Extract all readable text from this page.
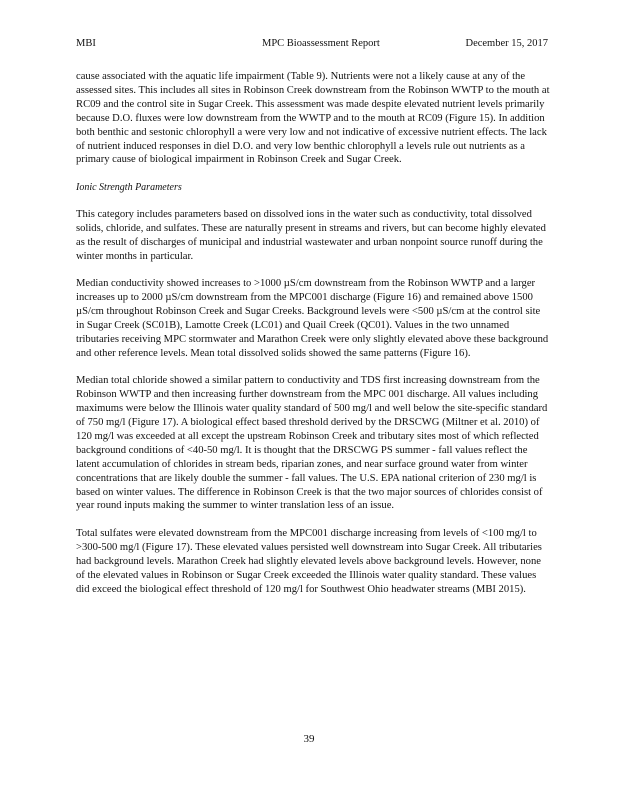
MBI	MPC Bioassessment Report	December 15, 2017

cause associated with the aquatic life impairment (Table 9). Nutrients were not a likely cause at any of the assessed sites. This includes all sites in Robinson Creek downstream from the Robinson WWTP to the mouth at RC09 and the control site in Sugar Creek. This assessment was made despite elevated nutrient levels primarily because D.O. fluxes were low downstream from the WWTP and to the mouth at RC09 (Figure 15). In addition both benthic and sestonic chlorophyll a were very low and not indicative of excessive nutrient effects. The lack of nutrient induced responses in diel D.O. and very low benthic chlorophyll a levels rule out nutrients as a primary cause of biological impairment in Robinson Creek and Sugar Creek.

Ionic Strength Parameters

This category includes parameters based on dissolved ions in the water such as conductivity, total dissolved solids, chloride, and sulfates. These are naturally present in streams and rivers, but can become highly elevated as the result of discharges of municipal and industrial wastewater and urban nonpoint source runoff during the winter months in particular.

Median conductivity showed increases to >1000 µS/cm downstream from the Robinson WWTP and a larger increases up to 2000 µS/cm downstream from the MPC001 discharge (Figure 16) and remained above 1500 µS/cm throughout Robinson Creek and Sugar Creeks. Background levels were <500 µS/cm at the control site in Sugar Creek (SC01B), Lamotte Creek (LC01) and Quail Creek (QC01). Values in the two unnamed tributaries receiving MPC stormwater and Marathon Creek were only slightly elevated above these background and other reference levels. Mean total dissolved solids showed the same patterns (Figure 16).

Median total chloride showed a similar pattern to conductivity and TDS first increasing downstream from the Robinson WWTP and then increasing further downstream from the MPC 001 discharge. All values including maximums were below the Illinois water quality standard of 500 mg/l and well below the site-specific standard of 750 mg/l (Figure 17). A biological effect based threshold derived by the DRSCWG (Miltner et al. 2010) of 120 mg/l was exceeded at all except the upstream Robinson Creek and tributary sites most of which reflected background conditions of <40-50 mg/l. It is thought that the DRSCWG PS summer - fall values reflect the latent accumulation of chlorides in stream beds, riparian zones, and near surface ground water from winter concentrations that are likely double the summer - fall values. The U.S. EPA national criterion of 230 mg/l is based on winter values. The difference in Robinson Creek is that the two major sources of chlorides consist of year round inputs making the summer to winter translation less of an issue.

Total sulfates were elevated downstream from the MPC001 discharge increasing from levels of <100 mg/l to >300-500 mg/l (Figure 17). These elevated values persisted well downstream into Sugar Creek. All tributaries had background levels. Marathon Creek had slightly elevated levels above background levels. However, none of the elevated values in Robinson or Sugar Creek exceeded the Illinois water quality standard. These values did exceed the biological effect threshold of 120 mg/l for Southwest Ohio headwater streams (MBI 2015).

39
